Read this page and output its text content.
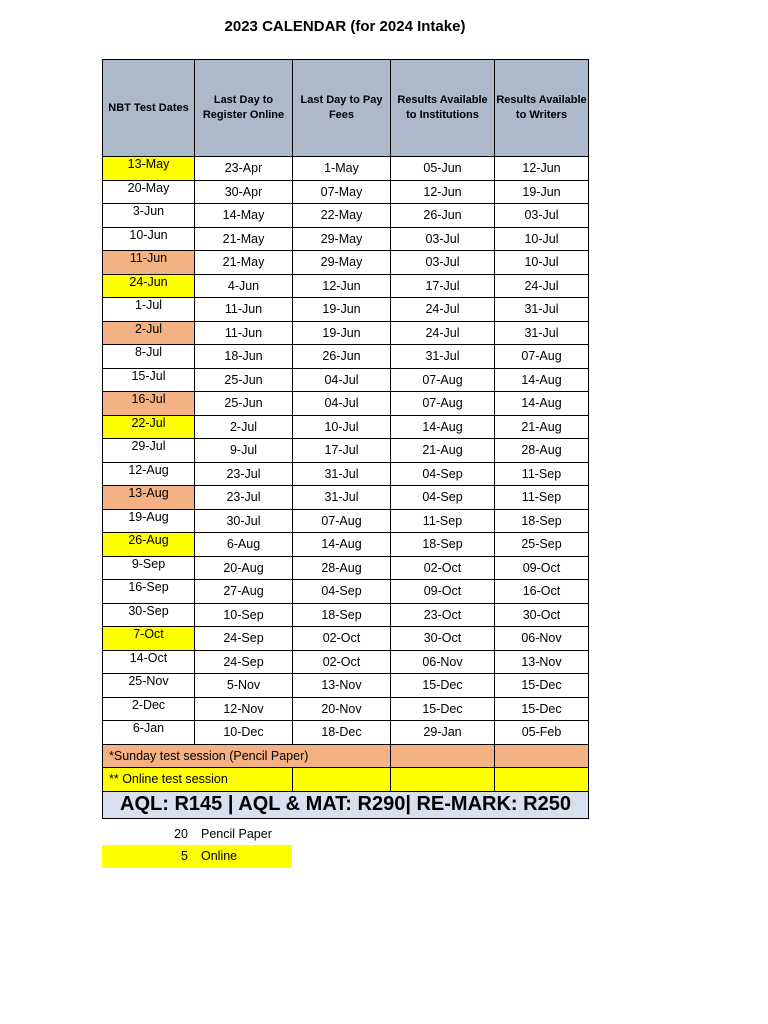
2023 CALENDAR (for 2024 Intake)
NBT Test Dates	Last Day to Register Online	Last Day to Pay Fees	Results Available to Institutions	Results Available to Writers
13-May	23-Apr	1-May	05-Jun	12-Jun
20-May	30-Apr	07-May	12-Jun	19-Jun
3-Jun	14-May	22-May	26-Jun	03-Jul
10-Jun	21-May	29-May	03-Jul	10-Jul
11-Jun	21-May	29-May	03-Jul	10-Jul
24-Jun	4-Jun	12-Jun	17-Jul	24-Jul
1-Jul	11-Jun	19-Jun	24-Jul	31-Jul
2-Jul	11-Jun	19-Jun	24-Jul	31-Jul
8-Jul	18-Jun	26-Jun	31-Jul	07-Aug
15-Jul	25-Jun	04-Jul	07-Aug	14-Aug
16-Jul	25-Jun	04-Jul	07-Aug	14-Aug
22-Jul	2-Jul	10-Jul	14-Aug	21-Aug
29-Jul	9-Jul	17-Jul	21-Aug	28-Aug
12-Aug	23-Jul	31-Jul	04-Sep	11-Sep
13-Aug	23-Jul	31-Jul	04-Sep	11-Sep
19-Aug	30-Jul	07-Aug	11-Sep	18-Sep
26-Aug	6-Aug	14-Aug	18-Sep	25-Sep
9-Sep	20-Aug	28-Aug	02-Oct	09-Oct
16-Sep	27-Aug	04-Sep	09-Oct	16-Oct
30-Sep	10-Sep	18-Sep	23-Oct	30-Oct
7-Oct	24-Sep	02-Oct	30-Oct	06-Nov
14-Oct	24-Sep	02-Oct	06-Nov	13-Nov
25-Nov	5-Nov	13-Nov	15-Dec	15-Dec
2-Dec	12-Nov	20-Nov	15-Dec	15-Dec
6-Jan	10-Dec	18-Dec	29-Jan	05-Feb
*Sunday test session (Pencil Paper)				
** Online test session				
AQL: R145 | AQL & MAT: R290| RE-MARK: R250				
20 Pencil Paper
5 Online
